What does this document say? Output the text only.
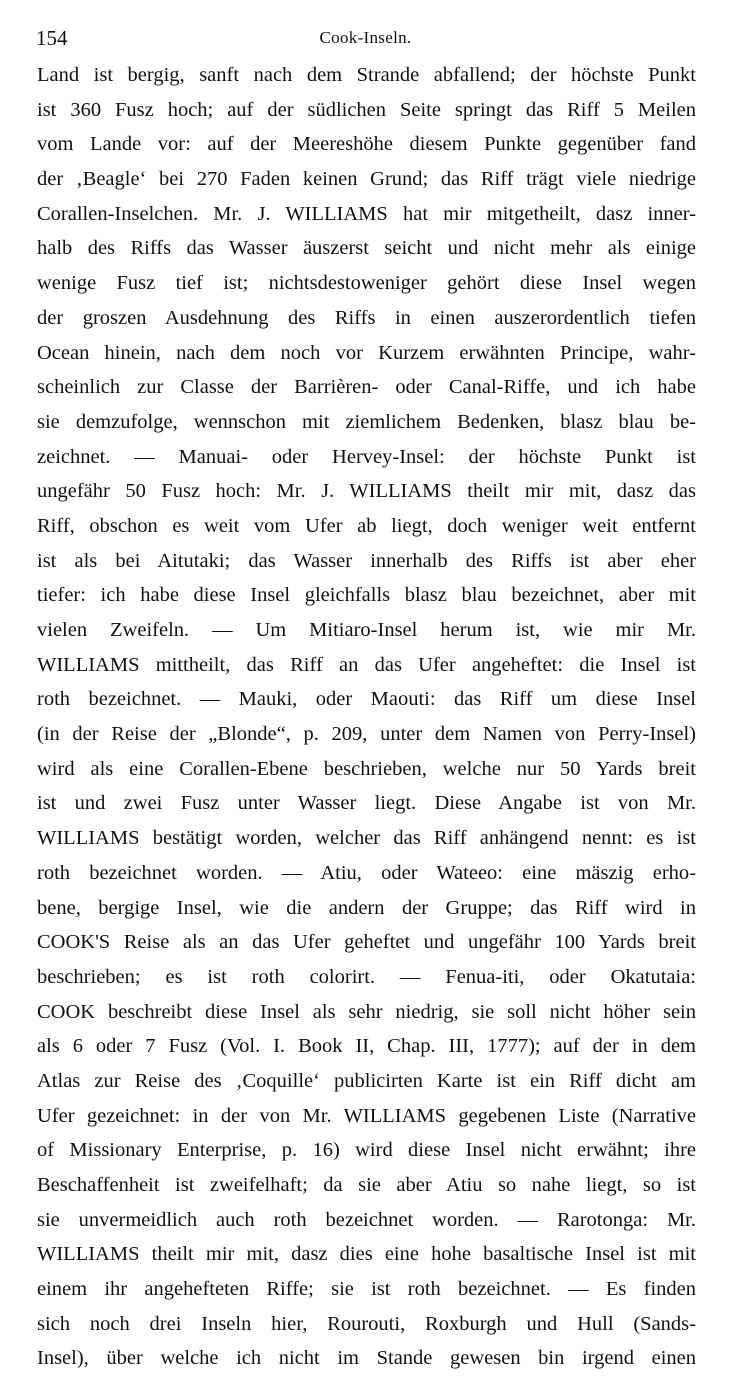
154	Cook-Inseln.
Land ist bergig, sanft nach dem Strande abfallend; der höchste Punkt
ist 360 Fusz hoch; auf der südlichen Seite springt das Riff 5 Meilen
vom Lande vor: auf der Meereshöhe diesem Punkte gegenüber fand
der ‚Beagle‘ bei 270 Faden keinen Grund; das Riff trägt viele niedrige
Corallen-Inselchen. Mr. J. WILLIAMS hat mir mitgetheilt, dasz inner-
halb des Riffs das Wasser äuszerst seicht und nicht mehr als einige
wenige Fusz tief ist; nichtsdestoweniger gehört diese Insel wegen
der groszen Ausdehnung des Riffs in einen auszerordentlich tiefen
Ocean hinein, nach dem noch vor Kurzem erwähnten Principe, wahr-
scheinlich zur Classe der Barrièren- oder Canal-Riffe, und ich habe
sie demzufolge, wennschon mit ziemlichem Bedenken, blasz blau be-
zeichnet. — Manuai- oder Hervey-Insel: der höchste Punkt ist
ungefähr 50 Fusz hoch: Mr. J. WILLIAMS theilt mir mit, dasz das
Riff, obschon es weit vom Ufer ab liegt, doch weniger weit entfernt
ist als bei Aitutaki; das Wasser innerhalb des Riffs ist aber eher
tiefer: ich habe diese Insel gleichfalls blasz blau bezeichnet, aber mit
vielen Zweifeln. — Um Mitiaro-Insel herum ist, wie mir Mr.
WILLIAMS mittheilt, das Riff an das Ufer angeheftet: die Insel ist
roth bezeichnet. — Mauki, oder Maouti: das Riff um diese Insel
(in der Reise der „Blonde“, p. 209, unter dem Namen von Perry-Insel)
wird als eine Corallen-Ebene beschrieben, welche nur 50 Yards breit
ist und zwei Fusz unter Wasser liegt. Diese Angabe ist von Mr.
WILLIAMS bestätigt worden, welcher das Riff anhängend nennt: es ist
roth bezeichnet worden. — Atiu, oder Wateeo: eine mäszig erho-
bene, bergige Insel, wie die andern der Gruppe; das Riff wird in
COOK'S Reise als an das Ufer geheftet und ungefähr 100 Yards breit
beschrieben; es ist roth colorirt. — Fenua-iti, oder Okatutaia:
COOK beschreibt diese Insel als sehr niedrig, sie soll nicht höher sein
als 6 oder 7 Fusz (Vol. I. Book II, Chap. III, 1777); auf der in dem
Atlas zur Reise des ‚Coquille‘ publicirten Karte ist ein Riff dicht am
Ufer gezeichnet: in der von Mr. WILLIAMS gegebenen Liste (Narrative
of Missionary Enterprise, p. 16) wird diese Insel nicht erwähnt; ihre
Beschaffenheit ist zweifelhaft; da sie aber Atiu so nahe liegt, so ist
sie unvermeidlich auch roth bezeichnet worden. — Rarotonga: Mr.
WILLIAMS theilt mir mit, dasz dies eine hohe basaltische Insel ist mit
einem ihr angehefteten Riffe; sie ist roth bezeichnet. — Es finden
sich noch drei Inseln hier, Rourouti, Roxburgh und Hull (Sands-
Insel), über welche ich nicht im Stande gewesen bin irgend einen
